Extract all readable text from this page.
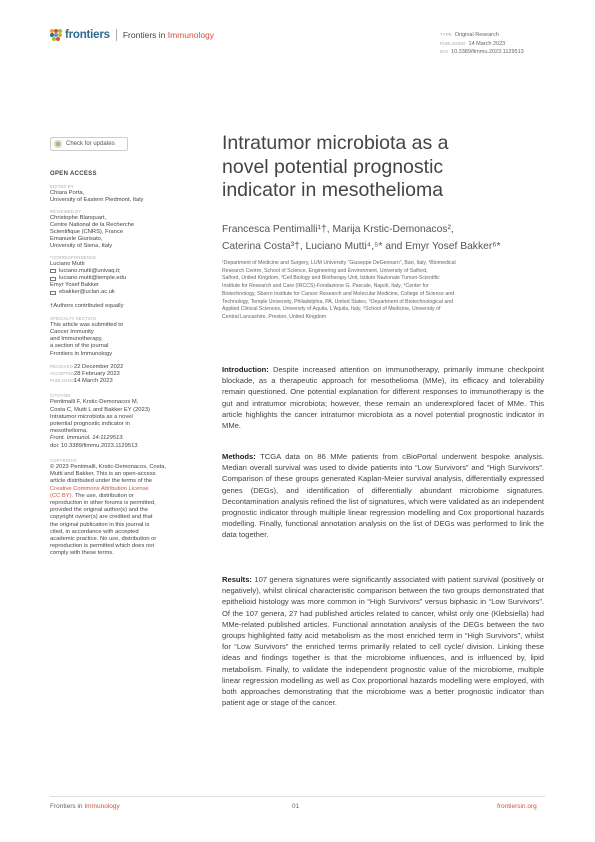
frontiers Frontiers in Immunology	TYPE Original Research
PUBLISHED 14 March 2023
DOI 10.3389/fimmu.2023.1129513
Check for updates
OPEN ACCESS
EDITED BY
Chiara Porta,
University of Eastern Piedmont, Italy
REVIEWED BY
Christophe Blanquart,
Centre National de la Recherche
Scientifique (CNRS), France
Emanuele Giurisato,
University of Siena, Italy
*CORRESPONDENCE
Luciano Mutti
luciano.mutti@univaq.it;
luciano.mutti@temple.edu
Emyr Yosef Bakker
ebakker@uclan.ac.uk
†Authors contributed equally
SPECIALTY SECTION
This article was submitted to
Cancer Immunity
and Immunotherapy,
a section of the journal
Frontiers in Immunology
RECEIVED 22 December 2022
ACCEPTED 28 February 2023
PUBLISHED
14 March 2023
CITATION
Pentimalli F, Krstic-Demonacos M,
Costa C, Mutti L and Bakker EY (2023)
Intratumor microbiota as a novel
potential prognostic indicator in mesothelioma.
Front. Immunol. 14:1129513.
doi: 10.3389/fimmu.2023.1129513
COPYRIGHT
© 2023 Pentimalli, Krstic-Demonacos, Costa,
Mutti and Bakker. This is an open-access
article distributed under the terms of the
Creative Commons Attribution License
(CC BY). The use, distribution or
reproduction in other forums is permitted,
provided the original author(s) and the
copyright owner(s) are credited and that
the original publication in this journal is
cited, in accordance with accepted
academic practice. No use, distribution or
reproduction is permitted which does not
comply with these terms.
Intratumor microbiota as a
novel potential prognostic
indicator in mesothelioma
Francesca Pentimalli¹†, Marija Krstic-Demonacos²,
Caterina Costa³†, Luciano Mutti⁴,⁵* and Emyr Yosef Bakker⁶*
¹Department of Medicine and Surgery, LUM University “Giuseppe DeGennaro”, Bari, Italy, ²Biomedical
Research Centre, School of Science, Engineering and Environment, University of Salford,
Salford, United Kingdom, ³Cell Biology and Biotherapy Unit, Istituto Nazionale Tumori-Scientific
Institute for Research and Care (IRCCS)-Fondazione G. Pascale, Napoli, Italy, ⁴Center for
Biotechnology, Sbarro Institute for Cancer Research and Molecular Medicine, College of Science and
Technology, Temple University, Philadelphia, PA, United States, ⁵Department of Biotechnological and
Applied Clinical Sciences, University of Aquila, L'Aquila, Italy, ⁶School of Medicine, University of
Central Lancashire, Preston, United Kingdom
Introduction: Despite increased attention on immunotherapy, primarily immune checkpoint blockade, as a therapeutic approach for mesothelioma (MMe), its efficacy and tolerability remain questioned. One potential explanation for different responses to immunotherapy is the gut and intratumor microbiota; however, these remain an underexplored facet of MMe. This article highlights the cancer intratumor microbiota as a novel potential prognostic indicator in MMe.
Methods: TCGA data on 86 MMe patients from cBioPortal underwent bespoke analysis. Median overall survival was used to divide patients into “Low Survivors” and “High Survivors”. Comparison of these groups generated Kaplan-Meier survival analysis, differentially expressed genes (DEGs), and identification of differentially abundant microbiome signatures. Decontamination analysis refined the list of signatures, which were validated as an independent prognostic indicator through multiple linear regression modelling and Cox proportional hazards modelling. Finally, functional annotation analysis on the list of DEGs was performed to link the data together.
Results: 107 genera signatures were significantly associated with patient survival (positively or negatively), whilst clinical characteristic comparison between the two groups demonstrated that epithelioid histology was more common in “High Survivors” versus biphasic in “Low Survivors”. Of the 107 genera, 27 had published articles related to cancer, whilst only one (Klebsiella) had MMe-related published articles. Functional annotation analysis of the DEGs between the two groups highlighted fatty acid metabolism as the most enriched term in “High Survivors”, whilst for “Low Survivors” the enriched terms primarily related to cell cycle/ division. Linking these ideas and findings together is that the microbiome influences, and is influenced by, lipid metabolism. Finally, to validate the independent prognostic value of the microbiome, multiple linear regression modelling as well as Cox proportional hazards modelling were employed, with both approaches demonstrating that the microbiome was a better prognostic indicator than patient age or stage of the cancer.
Frontiers in Immunology	01	frontiersin.org
